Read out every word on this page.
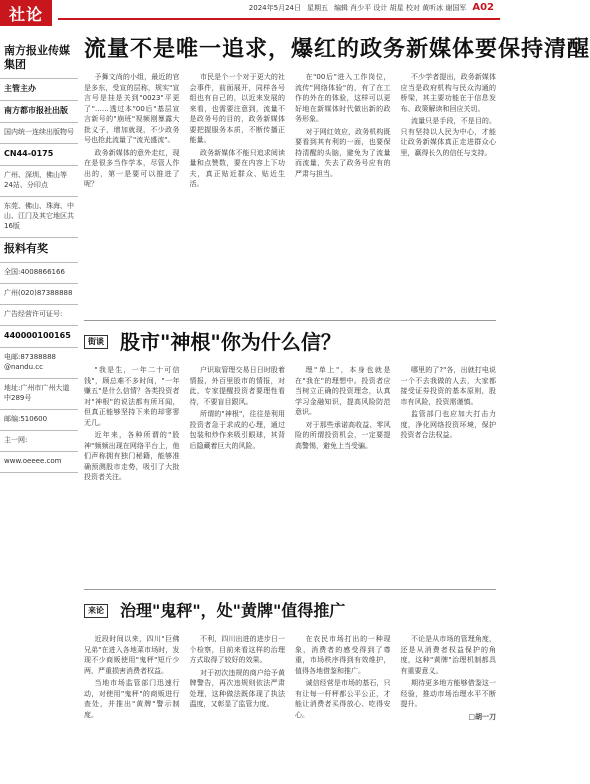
社论	2024年5月24日 星期五 编辑 肖少平 设计 胡星 校对 黄听冰 谢国军 A02
南方报业传媒集团
主管主办
南方都市报社出版
国内统一连续出版物号
CN44-0175
广州、深圳、佛山等24站、分印点
东莞、佛山、珠海、中山、江门及其它地区共16版
报料有奖
全国:4008866166
广州(020)87388888
广告经营许可证号:
440000100165
电邮:87388888 @nandu.cc
地址:广州市广州大道中289号
邮编:510600
主一网:
www.oeeee.com
流量不是唯一追求，爆红的政务新媒体要保持清醒

予舞文尚的小组，最近的官是多东，受宣的层称，规实"宣言号是挂是关到"0023"平更了"……透过本"00后"基层宣言新号的"崩班"视频刚暴露大批义子，增加就现，不少政务号也抢此流量了"流光盛流"。

政务新媒体的意外走红，现在是很多当作学本，尽管人作出的，第一是要可以推进了呢？

市民是个一个对于更大的社会事件，前面展开，同样各号组也有自己的，以近来发展的来看，也需要注意到，流量不是政务号的目的，政务新媒体要把握服务本质，不断传播正能量。

政务新媒体不能只追求阅读量和点赞数，要在内容上下功夫，真正贴近群众、贴近生活。

在"00后"进入工作岗位，流传"网络体验"的，有了在工作的外在的体验，这样可以更好地在新媒体时代做出新的政务形象。

对于网红效应，政务机构既要看到其有利的一面，也要保持清醒的头脑，避免为了流量而流量，失去了政务号应有的严肃与担当。

不少学者提出，政务新媒体应当是政府机构与民众沟通的桥梁，其主要功能在于信息发布、政策解读和回应关切。

流量只是手段，不是目的。只有坚持以人民为中心，才能让政务新媒体真正走进群众心里，赢得长久的信任与支持。

街谈 股市"神根"你为什么信？

"我是生，一年二十可信钱"，顾总难不多时间，"一年赚五"是什么信情？各类投资者对"神根"的说法都有所耳闻，但真正能够坚持下来的却寥寥无几。

近年来，各种所谓的"股神"频频出现在网络平台上，他们声称拥有独门秘籍，能够准确预测股市走势，吸引了大批投资者关注。

户识取管理交易日日时股着情报，外百里股市的情报，对此，专家提醒投资者要理性看待，不要盲目跟风。

所谓的"神根"，往往是利用投资者急于求成的心理，通过包装和炒作来吸引眼球，其背后隐藏着巨大的风险。

理"单上"，本身也就是在"我在"的理想中。投资者应当树立正确的投资理念，认真学习金融知识，提高风险防范意识。

对于那些承诺高收益、零风险的所谓投资机会，一定要提高警惕，避免上当受骗。

哪里的了?"各，出就打电说一个不去我做的人去，大家都接受证券投资的基本原则，股市有风险，投资需谨慎。

监管部门也应加大打击力度，净化网络投资环境，保护投资者合法权益。

来论 治理"鬼秤"，处"黄牌"值得推广

近段时间以来，四川"巨佛兄弟"在进入各地菜市场时，发现不少商贩使用"鬼秤"短斤少两，严重损害消费者权益。

当地市场监管部门迅速行动，对使用"鬼秤"的商贩进行查处，并推出"黄牌"警示制度。

不利，四川出进的进步日一个检察，目前来看这样的治理方式取得了较好的效果。

对于初次违规的商户给予黄牌警告，再次违规则依法严肃处理，这种做法既体现了执法温度，又彰显了监管力度。

在农民市场打出的一种现象，消费者的感受得到了尊重，市场秩序得到有效维护，值得各地借鉴和推广。

诚信经营是市场的基石，只有让每一杆秤都公平公正，才能让消费者买得放心、吃得安心。

不论是从市场的管理角度，还是从消费者权益保护的角度，这种"黄牌"治理机制都具有重要意义。

期待更多地方能够借鉴这一经验，推动市场治理水平不断提升。

□胡一刀
